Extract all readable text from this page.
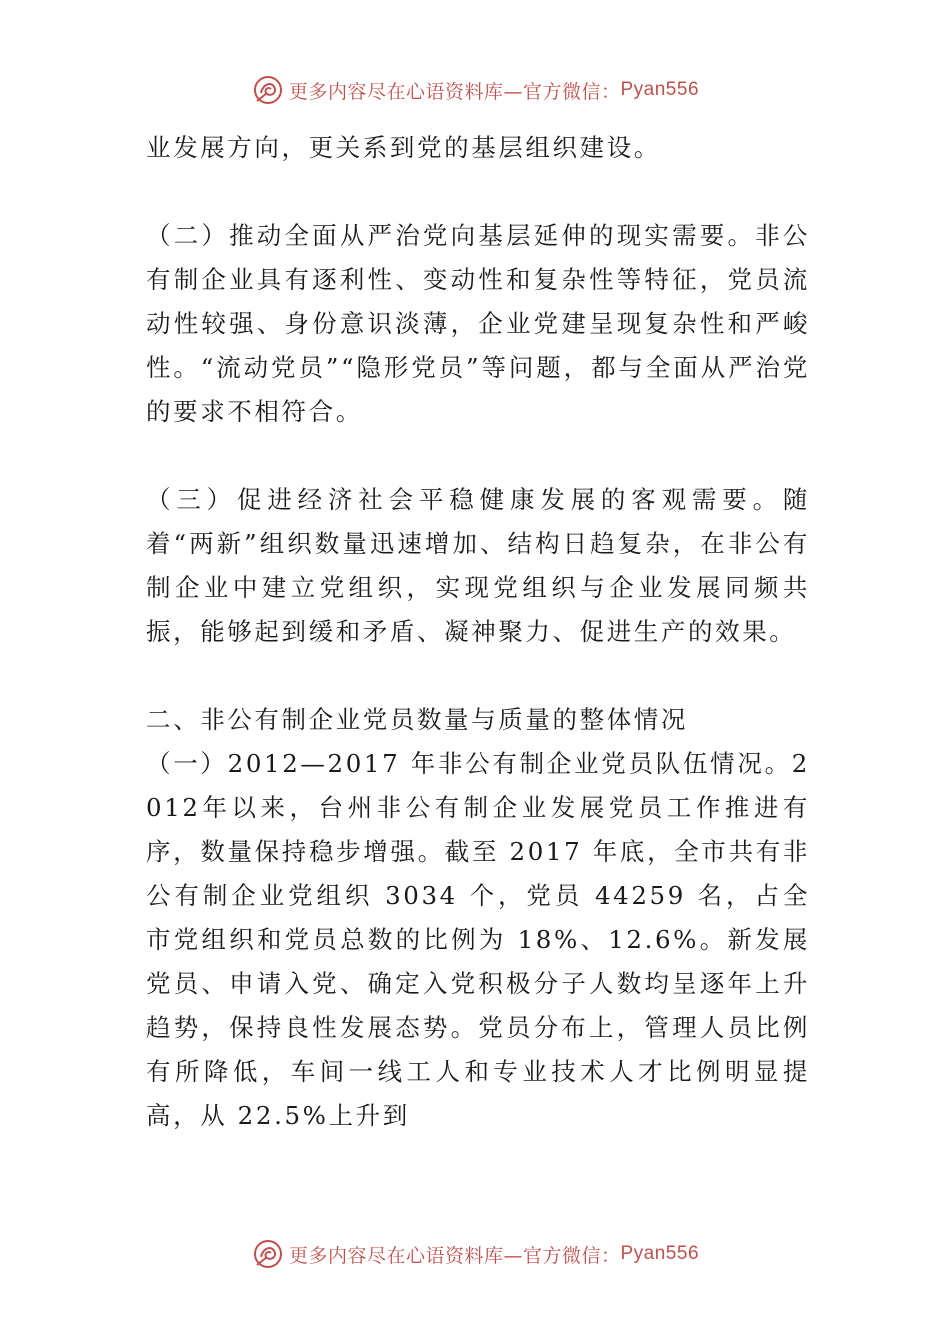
更多内容尽在心语资料库—官方微信： Pyan556

业发展方向，更关系到党的基层组织建设。

（二）推动全面从严治党向基层延伸的现实需要。非公有制企业具有逐利性、变动性和复杂性等特征，党员流动性较强、身份意识淡薄，企业党建呈现复杂性和严峻性。“流动党员”“隐形党员”等问题，都与全面从严治党的要求不相符合。

（三）促进经济社会平稳健康发展的客观需要。随着“两新”组织数量迅速增加、结构日趋复杂，在非公有制企业中建立党组织，实现党组织与企业发展同频共振，能够起到缓和矛盾、凝神聚力、促进生产的效果。

二、非公有制企业党员数量与质量的整体情况

（一）2012—2017 年非公有制企业党员队伍情况。2012年以来，台州非公有制企业发展党员工作推进有序，数量保持稳步增强。截至 2017 年底，全市共有非公有制企业党组织 3034 个，党员 44259 名，占全市党组织和党员总数的比例为 18%、12.6%。新发展党员、申请入党、确定入党积极分子人数均呈逐年上升趋势，保持良性发展态势。党员分布上，管理人员比例有所降低，车间一线工人和专业技术人才比例明显提高，从 22.5%上升到

更多内容尽在心语资料库—官方微信： Pyan556
